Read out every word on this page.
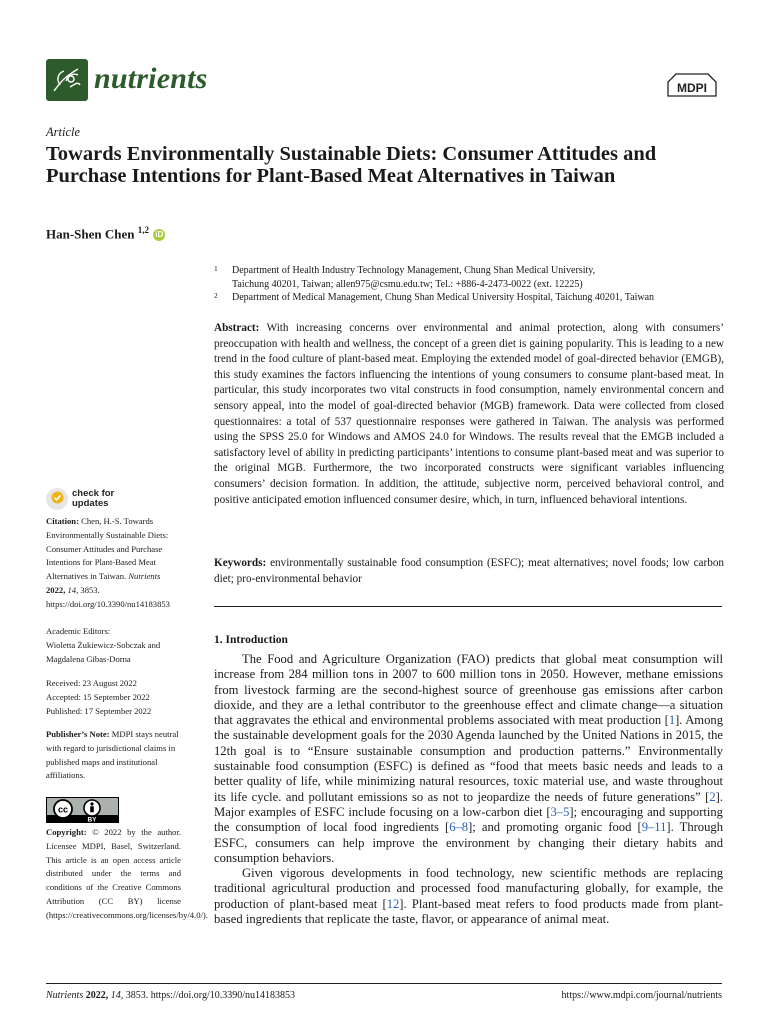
nutrients	MDPI
Article
Towards Environmentally Sustainable Diets: Consumer Attitudes and Purchase Intentions for Plant-Based Meat Alternatives in Taiwan
Han-Shen Chen $^{1,2}$ iD
1 Department of Health Industry Technology Management, Chung Shan Medical University,
Taichung 40201, Taiwan; allen975@csmu.edu.tw; Tel.: +886-4-2473-0022 (ext. 12225)
2 Department of Medical Management, Chung Shan Medical University Hospital, Taichung 40201, Taiwan
Abstract: With increasing concerns over environmental and animal protection, along with consumers’ preoccupation with health and wellness, the concept of a green diet is gaining popularity. This is leading to a new trend in the food culture of plant-based meat. Employing the extended model of goal-directed behavior (EMGB), this study examines the factors influencing the intentions of young consumers to consume plant-based meat. In particular, this study incorporates two vital constructs in food consumption, namely environmental concern and sensory appeal, into the model of goal-directed behavior (MGB) framework. Data were collected from closed questionnaires: a total of 537 questionnaire responses were gathered in Taiwan. The analysis was performed using the SPSS 25.0 for Windows and AMOS 24.0 for Windows. The results reveal that the EMGB included a satisfactory level of ability in predicting participants’ intentions to consume plant-based meat and was superior to the original MGB. Furthermore, the two incorporated constructs were significant variables influencing consumers’ decision formation. In addition, the attitude, subjective norm, perceived behavioral control, and positive anticipated emotion influenced consumer desire, which, in turn, influenced behavioral intentions.
Keywords: environmentally sustainable food consumption (ESFC); meat alternatives; novel foods; low carbon diet; pro-environmental behavior
1. Introduction

The Food and Agriculture Organization (FAO) predicts that global meat consumption will increase from 284 million tons in 2007 to 600 million tons in 2050. However, methane emissions from livestock farming are the second-highest source of greenhouse gas emissions after carbon dioxide, and they are a lethal contributor to the greenhouse effect and climate change—a situation that aggravates the ethical and environmental problems associated with meat production [1]. Among the sustainable development goals for the 2030 Agenda launched by the United Nations in 2015, the 12th goal is to “Ensure sustainable consumption and production patterns.” Environmentally sustainable food consumption (ESFC) is defined as “food that meets basic needs and leads to a better quality of life, while minimizing natural resources, toxic material use, and waste throughout its life cycle. and pollutant emissions so as not to jeopardize the needs of future generations” [2]. Major examples of ESFC include focusing on a low-carbon diet [3–5]; encouraging and supporting the consumption of local food ingredients [6–8]; and promoting organic food [9–11]. Through ESFC, consumers can help improve the environment by changing their dietary habits and consumption behaviors.

Given vigorous developments in food technology, new scientific methods are replacing traditional agricultural production and processed food manufacturing globally, for example, the production of plant-based meat [12]. Plant-based meat refers to food products made from plant-based ingredients that replicate the taste, flavor, or appearance of animal meat.

check for
updates
Citation: Chen, H.-S. Towards Environmentally Sustainable Diets: Consumer Attitudes and Purchase Intentions for Plant-Based Meat Alternatives in Taiwan. Nutrients 2022, 14, 3853. https://doi.org/10.3390/nu14183853
Academic Editors:
Wioletta Żukiewicz-Sobczak and
Magdalena Gibas-Dorna
Received: 23 August 2022
Accepted: 15 September 2022
Published: 17 September 2022
Publisher’s Note: MDPI stays neutral with regard to jurisdictional claims in published maps and institutional affiliations.
cc
BY
Copyright: © 2022 by the author. Licensee MDPI, Basel, Switzerland. This article is an open access article distributed under the terms and conditions of the Creative Commons Attribution (CC BY) license (https://creativecommons.org/licenses/by/4.0/).
Nutrients 2022, 14, 3853. https://doi.org/10.3390/nu14183853	https://www.mdpi.com/journal/nutrients
